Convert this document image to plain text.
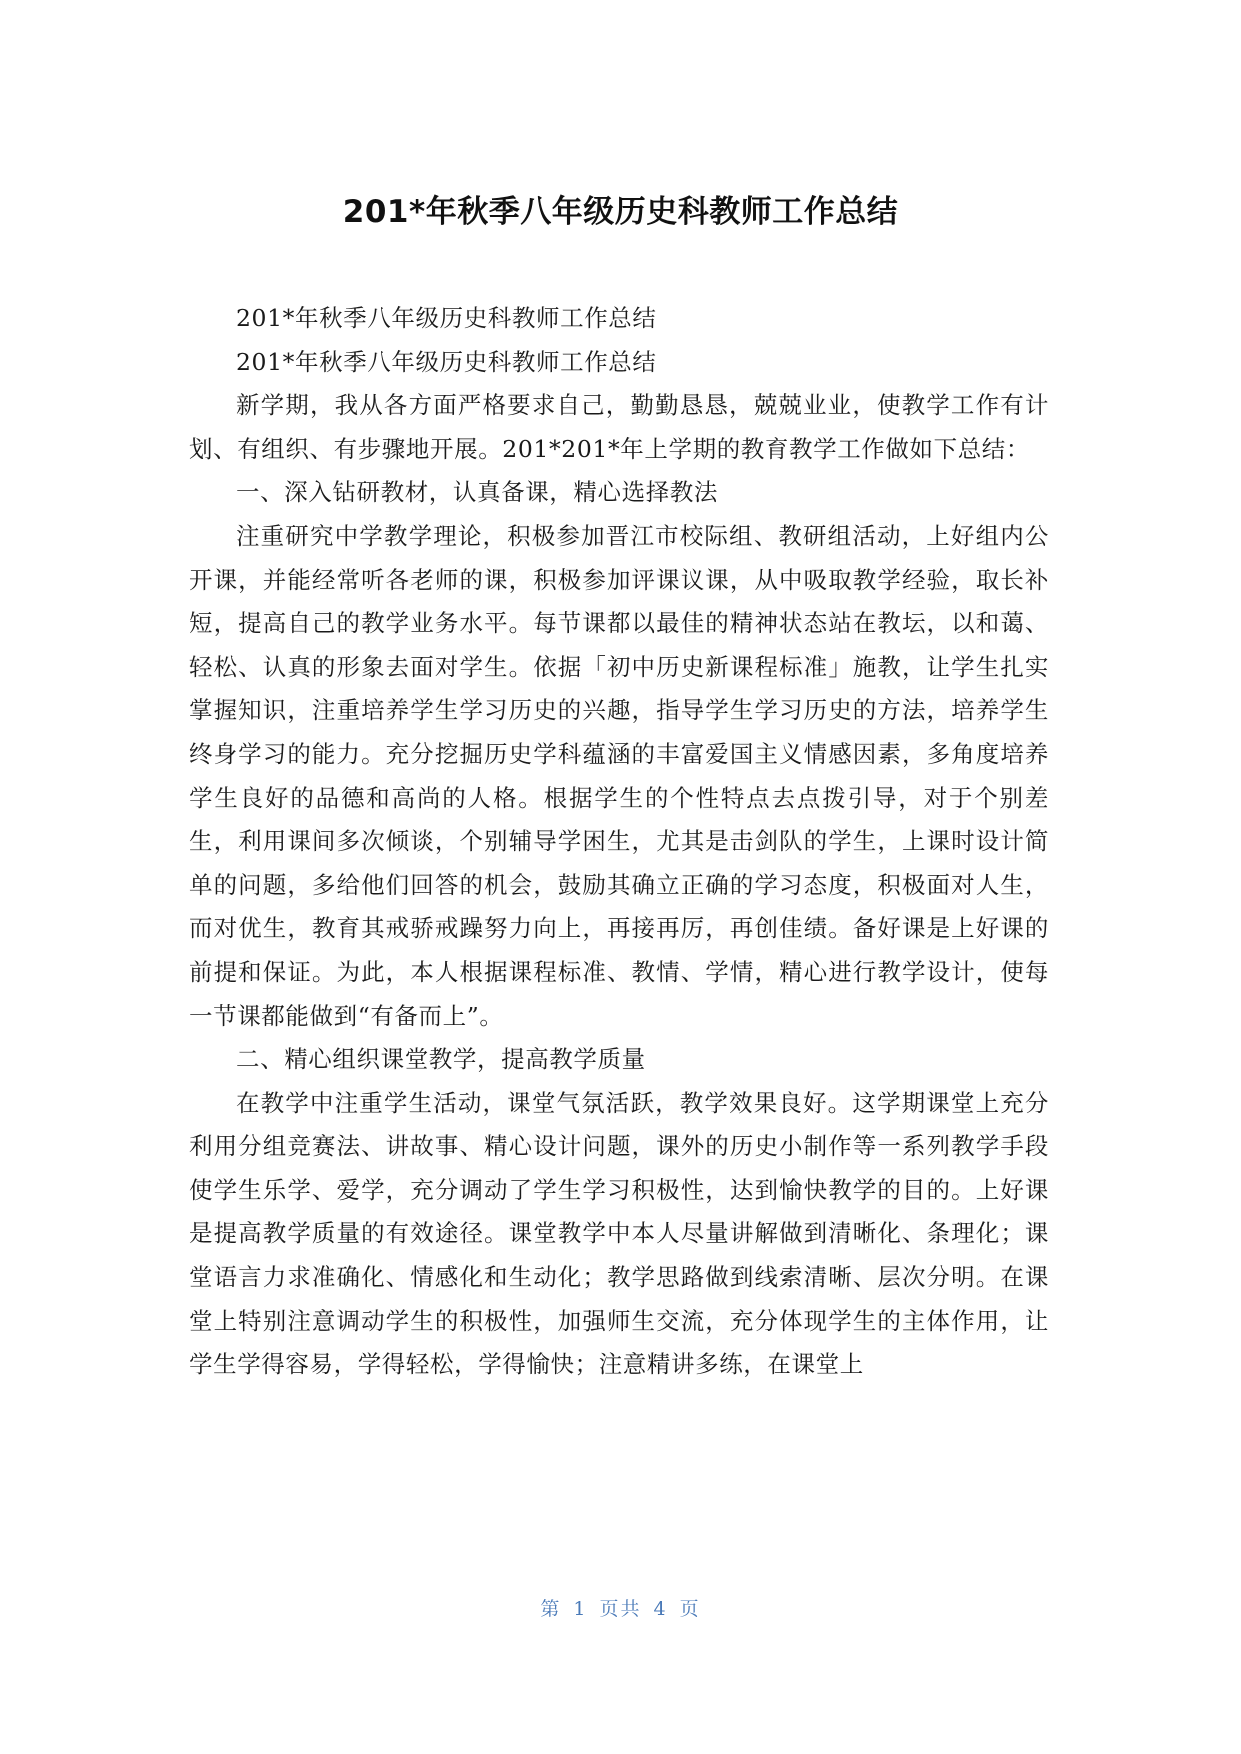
201*年秋季八年级历史科教师工作总结

201*年秋季八年级历史科教师工作总结

201*年秋季八年级历史科教师工作总结

新学期，我从各方面严格要求自己，勤勤恳恳，兢兢业业，使教学工作有计划、有组织、有步骤地开展。201*201*年上学期的教育教学工作做如下总结：

一、深入钻研教材，认真备课，精心选择教法

注重研究中学教学理论，积极参加晋江市校际组、教研组活动，上好组内公开课，并能经常听各老师的课，积极参加评课议课，从中吸取教学经验，取长补短，提高自己的教学业务水平。每节课都以最佳的精神状态站在教坛，以和蔼、轻松、认真的形象去面对学生。依据「初中历史新课程标准」施教，让学生扎实掌握知识，注重培养学生学习历史的兴趣，指导学生学习历史的方法，培养学生终身学习的能力。充分挖掘历史学科蕴涵的丰富爱国主义情感因素，多角度培养学生良好的品德和高尚的人格。根据学生的个性特点去点拨引导，对于个别差生，利用课间多次倾谈，个别辅导学困生，尤其是击剑队的学生，上课时设计简单的问题，多给他们回答的机会，鼓励其确立正确的学习态度，积极面对人生，而对优生，教育其戒骄戒躁努力向上，再接再厉，再创佳绩。备好课是上好课的前提和保证。为此，本人根据课程标准、教情、学情，精心进行教学设计，使每一节课都能做到“有备而上”。

二、精心组织课堂教学，提高教学质量

在教学中注重学生活动，课堂气氛活跃，教学效果良好。这学期课堂上充分利用分组竞赛法、讲故事、精心设计问题，课外的历史小制作等一系列教学手段使学生乐学、爱学，充分调动了学生学习积极性，达到愉快教学的目的。上好课是提高教学质量的有效途径。课堂教学中本人尽量讲解做到清晰化、条理化；课堂语言力求准确化、情感化和生动化；教学思路做到线索清晰、层次分明。在课堂上特别注意调动学生的积极性，加强师生交流，充分体现学生的主体作用，让学生学得容易，学得轻松，学得愉快；注意精讲多练，在课堂上

第 1 页共 4 页
